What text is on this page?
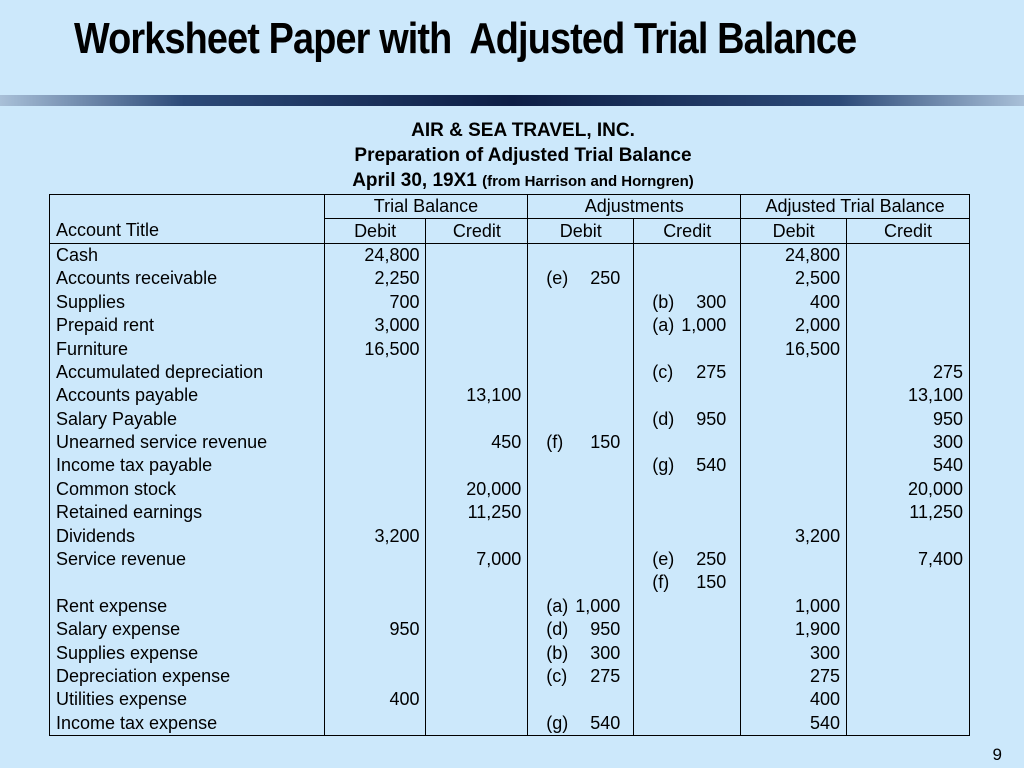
Worksheet Paper with  Adjusted Trial Balance
AIR & SEA TRAVEL, INC.
Preparation of Adjusted Trial Balance
April 30, 19X1 (from Harrison and Horngren)
	Trial Balance		Adjustments		Adjusted Trial Balance	
Account Title	Debit	Credit	Debit	Credit	Debit	Credit
Cash	24,800				24,800	
Accounts receivable	2,250		(e) 250		2,500	
Supplies	700			(b) 300	400	
Prepaid rent	3,000			(a) 1,000	2,000	
Furniture	16,500				16,500	
Accumulated depreciation				(c) 275		275
Accounts payable		13,100				13,100
Salary Payable				(d) 950		950
Unearned service revenue		450	(f) 150			300
Income tax payable				(g) 540		540
Common stock		20,000				20,000
Retained earnings		11,250				11,250
Dividends	3,200				3,200	
Service revenue		7,000		(e) 250		7,400
				(f) 150		
Rent expense			(a) 1,000		1,000	
Salary expense	950		(d) 950		1,900	
Supplies expense			(b) 300		300	
Depreciation expense			(c) 275		275	
Utilities expense	400				400	
Income tax expense			(g) 540		540	
9
